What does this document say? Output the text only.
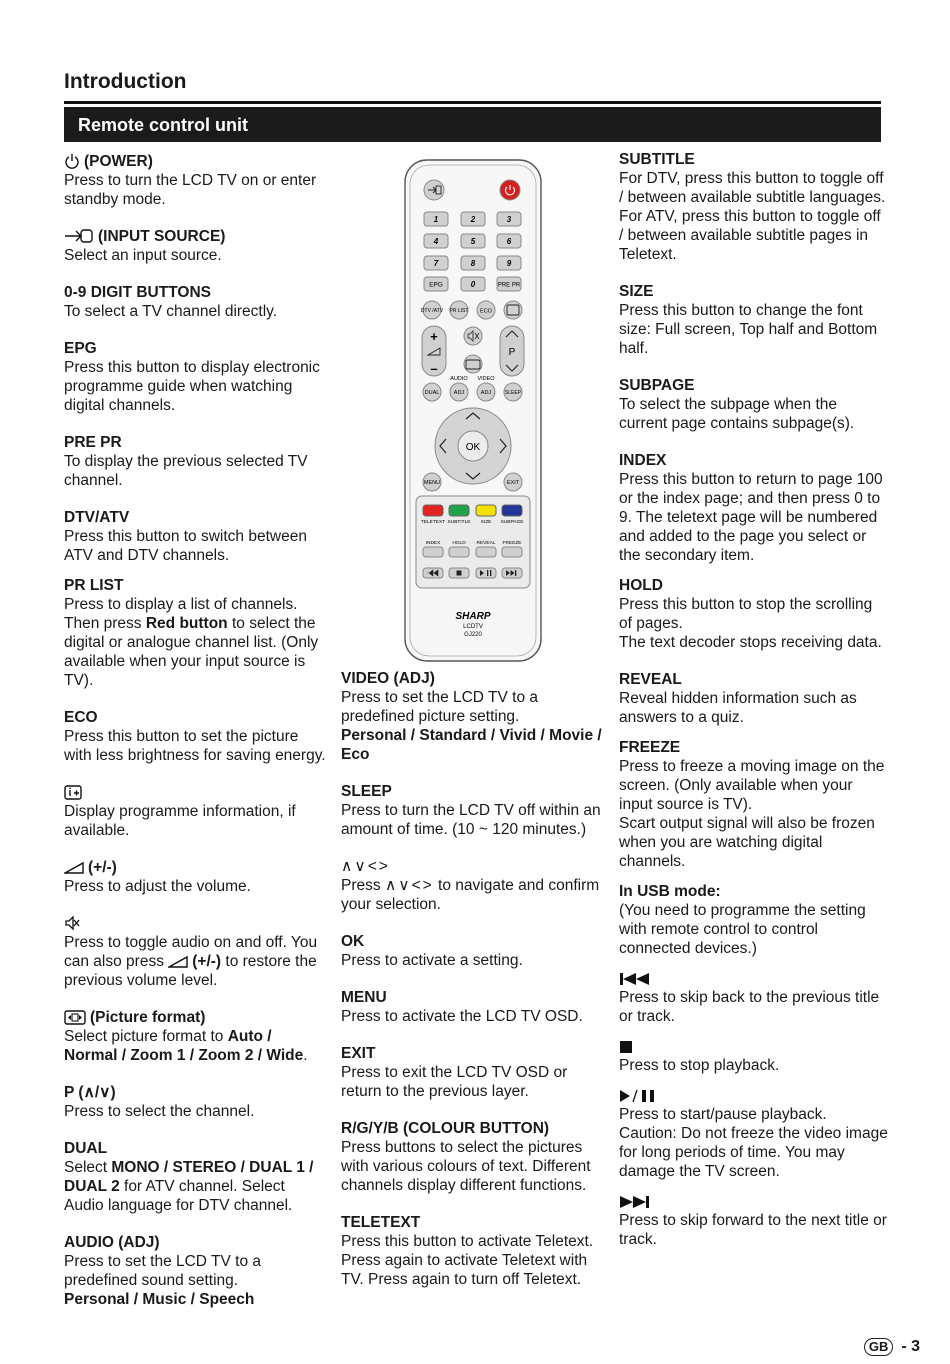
Introduction
Remote control unit
(POWER)
Press to turn the LCD TV on or enter standby mode.
(INPUT SOURCE)
Select an input source.
0-9 DIGIT BUTTONS
To select a TV channel directly.
EPG
Press this button to display electronic programme guide when watching digital channels.
PRE PR
To display the previous selected TV channel.
DTV/ATV
Press this button to switch between ATV and DTV channels.
PR LIST
Press to display a list of channels. Then press Red button to select the digital or analogue channel list. (Only available when your input source is TV).
ECO
Press this button to set the picture with less brightness for saving energy.
Display programme information, if available.
(+/-)
Press to adjust the volume.
Press to toggle audio on and off. You can also press (+/-) to restore the previous volume level.
(Picture format)
Select picture format to Auto / Normal / Zoom 1 / Zoom 2 / Wide.
P (∧/∨)
Press to select the channel.
DUAL
Select MONO / STEREO / DUAL 1 / DUAL 2 for ATV channel. Select Audio language for DTV channel.
AUDIO (ADJ)
Press to set the LCD TV to a predefined sound setting.
Personal / Music / Speech
1	2	3
4	5	6
7	8	9
0
EPG	PRE PR
DTV /ATV PR LIST ECO
+
–
P
AUDIO VIDEO
DUAL	ADJ	ADJ	SLEEP
OK
MENU	EXIT
TELETEXT SUBTITLE SIZE SUBPAGE
INDEX	HOLD REVEAL FREEZE
SHARP
LCDTV
GJ220
VIDEO (ADJ)
Press to set the LCD TV to a predefined picture setting.
Personal / Standard / Vivid / Movie / Eco
SLEEP
Press to turn the LCD TV off within an amount of time. (10 ~ 120 minutes.)
∧∨<>
Press ∧∨<> to navigate and confirm your selection.
OK
Press to activate a setting.
MENU
Press to activate the LCD TV OSD.
EXIT
Press to exit the LCD TV OSD or return to the previous layer.
R/G/Y/B (COLOUR BUTTON)
Press buttons to select the pictures with various colours of text. Different channels display different functions.
TELETEXT
Press this button to activate Teletext. Press again to activate Teletext with TV. Press again to turn off Teletext.
SUBTITLE
For DTV, press this button to toggle off / between available subtitle languages.
For ATV, press this button to toggle off / between available subtitle pages in Teletext.
SIZE
Press this button to change the font size: Full screen, Top half and Bottom half.
SUBPAGE
To select the subpage when the current page contains subpage(s).
INDEX
Press this button to return to page 100 or the index page; and then press 0 to 9. The teletext page will be numbered and added to the page you select or the secondary item.
HOLD
Press this button to stop the scrolling of pages.
The text decoder stops receiving data.
REVEAL
Reveal hidden information such as answers to a quiz.
FREEZE
Press to freeze a moving image on the screen. (Only available when your input source is TV).
Scart output signal will also be frozen when you are watching digital channels.
In USB mode:
(You need to programme the setting with remote control to control connected devices.)
Press to skip back to the previous title or track.
Press to stop playback.
Press to start/pause playback.
Caution: Do not freeze the video image for long periods of time. You may damage the TV screen.
Press to skip forward to the next title or track.
GB - 3
